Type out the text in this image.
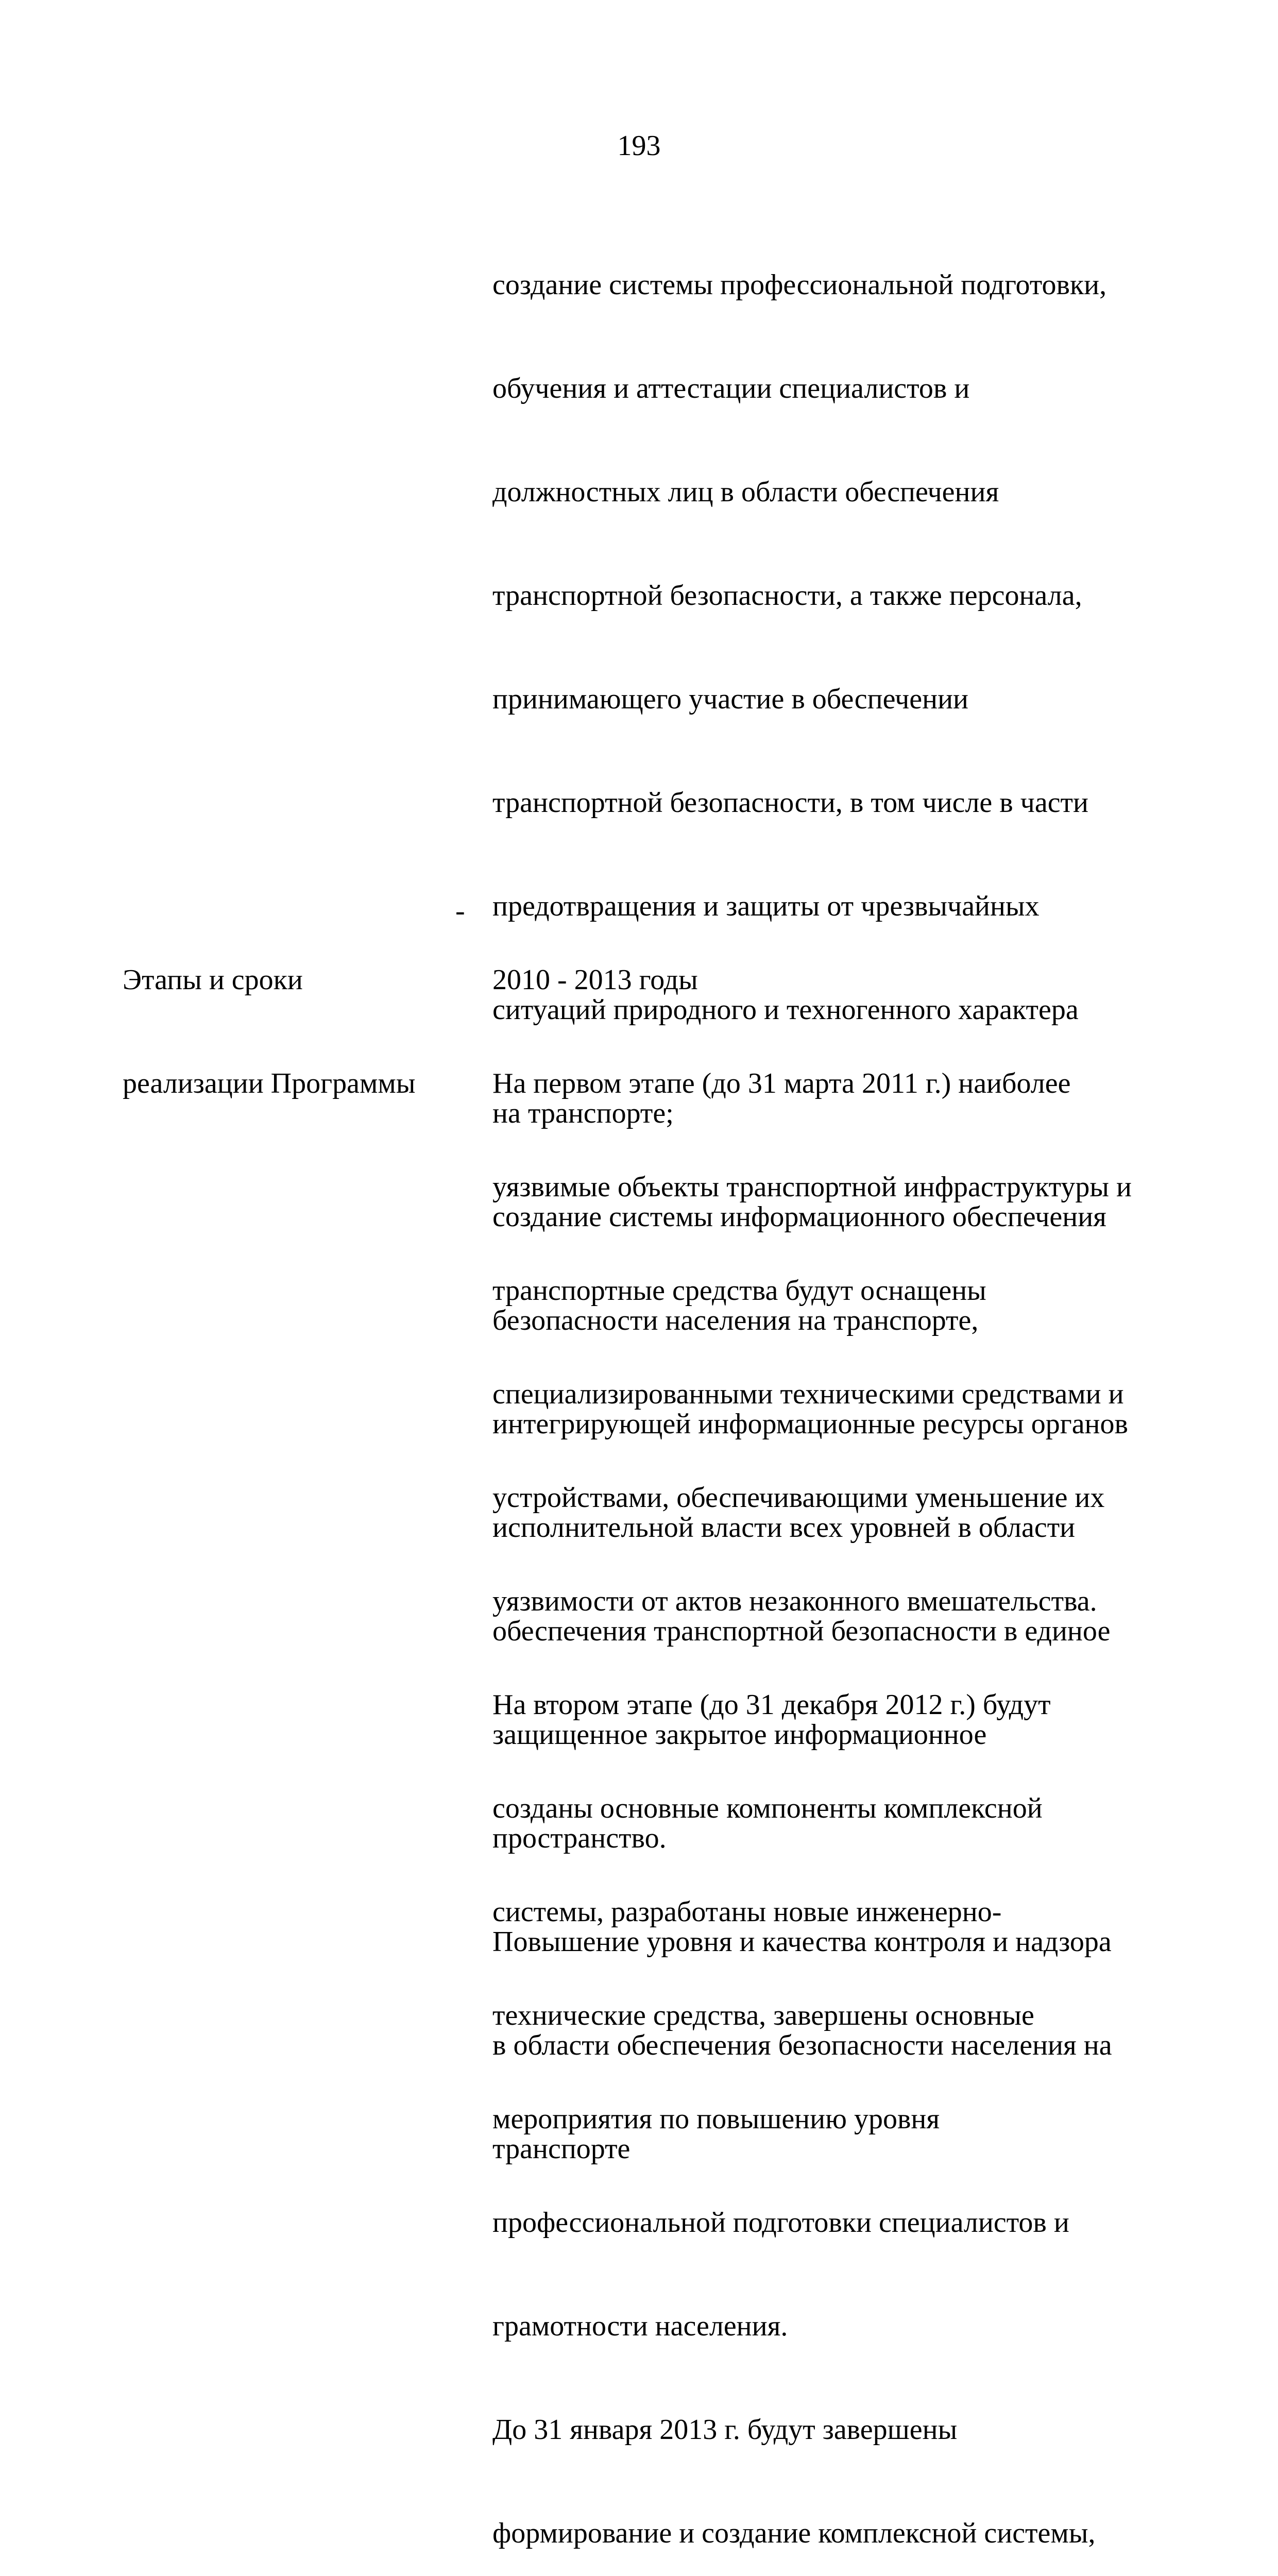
193

создание системы профессиональной подготовки,

обучения и аттестации специалистов и

должностных лиц в области обеспечения

транспортной безопасности, а также персонала,

принимающего участие в обеспечении

транспортной безопасности, в том числе в части

предотвращения и защиты от чрезвычайных

ситуаций природного и техногенного характера

на транспорте;

создание системы информационного обеспечения

безопасности населения на транспорте,

интегрирующей информационные ресурсы органов

исполнительной власти всех уровней в области

обеспечения транспортной безопасности в единое

защищенное закрытое информационное

пространство.

Повышение уровня и качества контроля и надзора

в области обеспечения безопасности населения на

транспорте

Этапы и сроки

реализации Программы

-

2010 - 2013 годы

На первом этапе (до 31 марта 2011 г.) наиболее

уязвимые объекты транспортной инфраструктуры и

транспортные средства будут оснащены

специализированными техническими средствами и

устройствами, обеспечивающими уменьшение их

уязвимости от актов незаконного вмешательства.

На втором этапе (до 31 декабря 2012 г.) будут

созданы основные компоненты комплексной

системы, разработаны новые инженерно-

технические средства, завершены основные

мероприятия по повышению уровня

профессиональной подготовки специалистов и

грамотности населения.

До 31 января 2013 г. будут завершены

формирование и создание комплексной системы,
